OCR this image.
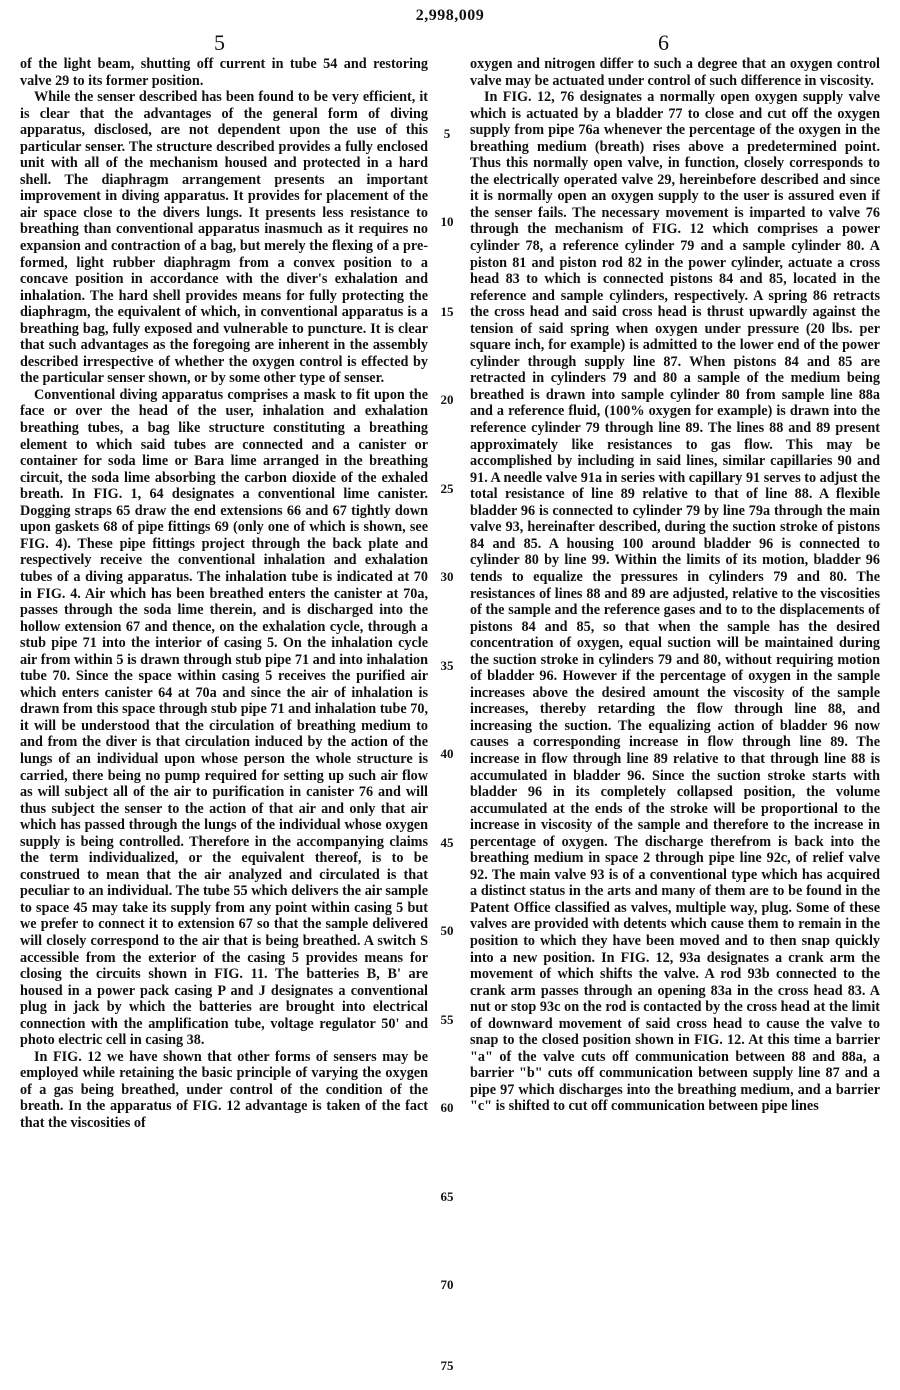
2,998,009
5	6

of the light beam, shutting off current in tube 54 and restoring valve 29 to its former position.

While the senser described has been found to be very efficient, it is clear that the advantages of the general form of diving apparatus, disclosed, are not dependent upon the use of this particular senser. The structure described provides a fully enclosed unit with all of the mechanism housed and protected in a hard shell. The diaphragm arrangement presents an important improvement in diving apparatus. It provides for placement of the air space close to the divers lungs. It presents less resistance to breathing than conventional apparatus inasmuch as it requires no expansion and contraction of a bag, but merely the flexing of a pre-formed, light rubber diaphragm from a convex position to a concave position in accordance with the diver's exhalation and inhalation. The hard shell provides means for fully protecting the diaphragm, the equivalent of which, in conventional apparatus is a breathing bag, fully exposed and vulnerable to puncture. It is clear that such advantages as the foregoing are inherent in the assembly described irrespective of whether the oxygen control is effected by the particular senser shown, or by some other type of senser.

Conventional diving apparatus comprises a mask to fit upon the face or over the head of the user, inhalation and exhalation breathing tubes, a bag like structure constituting a breathing element to which said tubes are connected and a canister or container for soda lime or Bara lime arranged in the breathing circuit, the soda lime absorbing the carbon dioxide of the exhaled breath. In FIG. 1, 64 designates a conventional lime canister. Dogging straps 65 draw the end extensions 66 and 67 tightly down upon gaskets 68 of pipe fittings 69 (only one of which is shown, see FIG. 4). These pipe fittings project through the back plate and respectively receive the conventional inhalation and exhalation tubes of a diving apparatus. The inhalation tube is indicated at 70 in FIG. 4. Air which has been breathed enters the canister at 70a, passes through the soda lime therein, and is discharged into the hollow extension 67 and thence, on the exhalation cycle, through a stub pipe 71 into the interior of casing 5. On the inhalation cycle air from within 5 is drawn through stub pipe 71 and into inhalation tube 70. Since the space within casing 5 receives the purified air which enters canister 64 at 70a and since the air of inhalation is drawn from this space through stub pipe 71 and inhalation tube 70, it will be understood that the circulation of breathing medium to and from the diver is that circulation induced by the action of the lungs of an individual upon whose person the whole structure is carried, there being no pump required for setting up such air flow as will subject all of the air to purification in canister 76 and will thus subject the senser to the action of that air and only that air which has passed through the lungs of the individual whose oxygen supply is being controlled. Therefore in the accompanying claims the term individualized, or the equivalent thereof, is to be construed to mean that the air analyzed and circulated is that peculiar to an individual. The tube 55 which delivers the air sample to space 45 may take its supply from any point within casing 5 but we prefer to connect it to extension 67 so that the sample delivered will closely correspond to the air that is being breathed. A switch S accessible from the exterior of the casing 5 provides means for closing the circuits shown in FIG. 11. The batteries B, B' are housed in a power pack casing P and J designates a conventional plug in jack by which the batteries are brought into electrical connection with the amplification tube, voltage regulator 50' and photo electric cell in casing 38.

In FIG. 12 we have shown that other forms of sensers may be employed while retaining the basic principle of varying the oxygen of a gas being breathed, under control of the condition of the breath. In the apparatus of FIG. 12 advantage is taken of the fact that the viscosities of

5
10
15
20
25
30
35
40
45
50
55
60
65
70
75

oxygen and nitrogen differ to such a degree that an oxygen control valve may be actuated under control of such difference in viscosity.

In FIG. 12, 76 designates a normally open oxygen supply valve which is actuated by a bladder 77 to close and cut off the oxygen supply from pipe 76a whenever the percentage of the oxygen in the breathing medium (breath) rises above a predetermined point. Thus this normally open valve, in function, closely corresponds to the electrically operated valve 29, hereinbefore described and since it is normally open an oxygen supply to the user is assured even if the senser fails. The necessary movement is imparted to valve 76 through the mechanism of FIG. 12 which comprises a power cylinder 78, a reference cylinder 79 and a sample cylinder 80. A piston 81 and piston rod 82 in the power cylinder, actuate a cross head 83 to which is connected pistons 84 and 85, located in the reference and sample cylinders, respectively. A spring 86 retracts the cross head and said cross head is thrust upwardly against the tension of said spring when oxygen under pressure (20 lbs. per square inch, for example) is admitted to the lower end of the power cylinder through supply line 87. When pistons 84 and 85 are retracted in cylinders 79 and 80 a sample of the medium being breathed is drawn into sample cylinder 80 from sample line 88a and a reference fluid, (100% oxygen for example) is drawn into the reference cylinder 79 through line 89. The lines 88 and 89 present approximately like resistances to gas flow. This may be accomplished by including in said lines, similar capillaries 90 and 91. A needle valve 91a in series with capillary 91 serves to adjust the total resistance of line 89 relative to that of line 88. A flexible bladder 96 is connected to cylinder 79 by line 79a through the main valve 93, hereinafter described, during the suction stroke of pistons 84 and 85. A housing 100 around bladder 96 is connected to cylinder 80 by line 99. Within the limits of its motion, bladder 96 tends to equalize the pressures in cylinders 79 and 80. The resistances of lines 88 and 89 are adjusted, relative to the viscosities of the sample and the reference gases and to to the displacements of pistons 84 and 85, so that when the sample has the desired concentration of oxygen, equal suction will be maintained during the suction stroke in cylinders 79 and 80, without requiring motion of bladder 96. However if the percentage of oxygen in the sample increases above the desired amount the viscosity of the sample increases, thereby retarding the flow through line 88, and increasing the suction. The equalizing action of bladder 96 now causes a corresponding increase in flow through line 89. The increase in flow through line 89 relative to that through line 88 is accumulated in bladder 96. Since the suction stroke starts with bladder 96 in its completely collapsed position, the volume accumulated at the ends of the stroke will be proportional to the increase in viscosity of the sample and therefore to the increase in percentage of oxygen. The discharge therefrom is back into the breathing medium in space 2 through pipe line 92c, of relief valve 92. The main valve 93 is of a conventional type which has acquired a distinct status in the arts and many of them are to be found in the Patent Office classified as valves, multiple way, plug. Some of these valves are provided with detents which cause them to remain in the position to which they have been moved and to then snap quickly into a new position. In FIG. 12, 93a designates a crank arm the movement of which shifts the valve. A rod 93b connected to the crank arm passes through an opening 83a in the cross head 83. A nut or stop 93c on the rod is contacted by the cross head at the limit of downward movement of said cross head to cause the valve to snap to the closed position shown in FIG. 12. At this time a barrier "a" of the valve cuts off communication between 88 and 88a, a barrier "b" cuts off communication between supply line 87 and a pipe 97 which discharges into the breathing medium, and a barrier "c" is shifted to cut off communication between pipe lines
